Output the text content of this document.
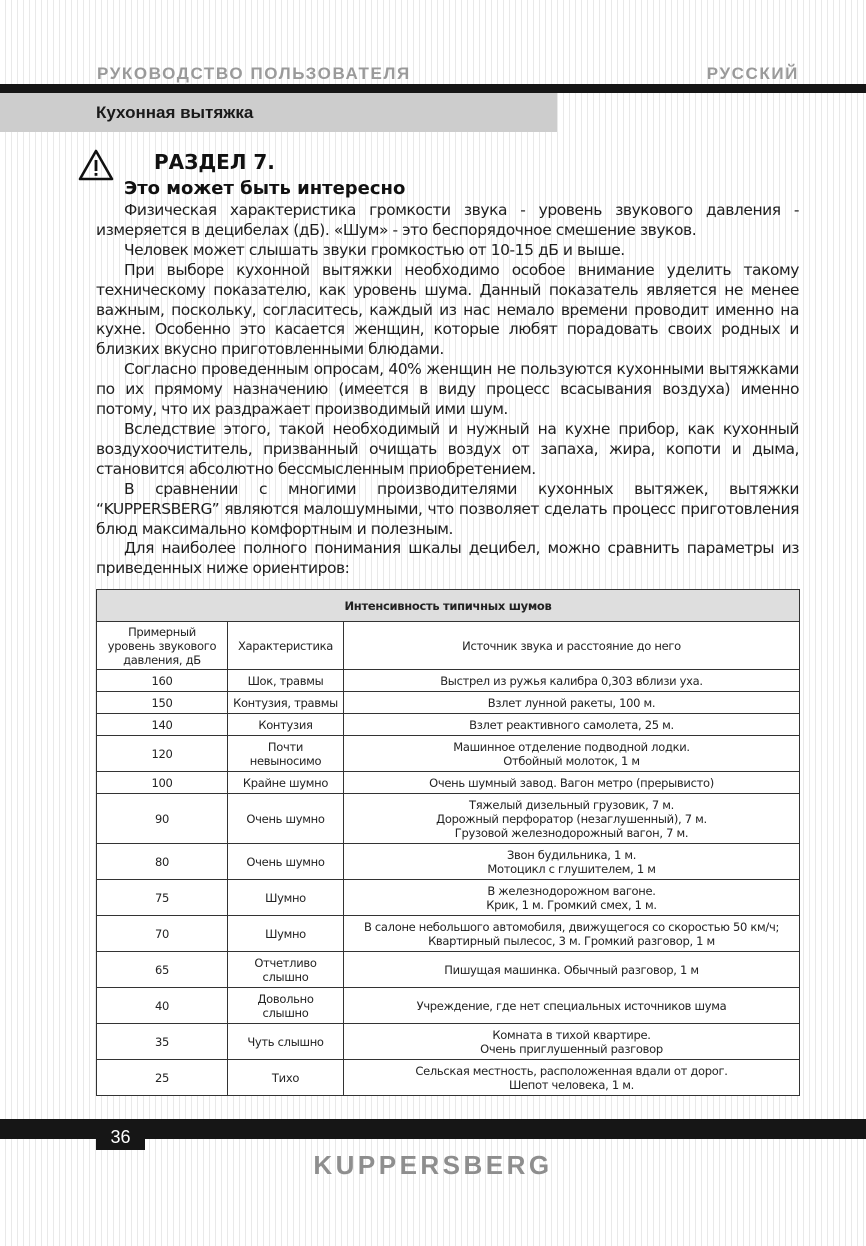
РУКОВОДСТВО ПОЛЬЗОВАТЕЛЯ	РУССКИЙ
Кухонная вытяжка
РАЗДЕЛ 7.
Это может быть интересно

Физическая характеристика громкости звука - уровень звукового давления - измеряется в децибелах (дБ). «Шум» - это беспорядочное смешение звуков.

Человек может слышать звуки громкостью от 10-15 дБ и выше.

При выборе кухонной вытяжки необходимо особое внимание уделить такому техническому показателю, как уровень шума. Данный показатель является не менее важным, поскольку, согласитесь, каждый из нас немало времени проводит именно на кухне. Особенно это касается женщин, которые любят порадовать своих родных и близких вкусно приготовленными блюдами.

Согласно проведенным опросам, 40% женщин не пользуются кухонными вытяжками по их прямому назначению (имеется в виду процесс всасывания воздуха) именно потому, что их раздражает производимый ими шум.

Вследствие этого, такой необходимый и нужный на кухне прибор, как кухонный воздухоочиститель, призванный очищать воздух от запаха, жира, копоти и дыма, становится абсолютно бессмысленным приобретением.

В сравнении с многими производителями кухонных вытяжек, вытяжки “KUPPERSBERG” являются малошумными, что позволяет сделать процесс приготовления блюд максимально комфортным и полезным.

Для наиболее полного понимания шкалы децибел, можно сравнить параметры из приведенных ниже ориентиров:

Интенсивность типичных шумов		
Примерный
уровень звукового
давления, дБ	Характеристика	Источник звука и расстояние до него
160	Шок, травмы	Выстрел из ружья калибра 0,303 вблизи уха.
150	Контузия, травмы	Взлет лунной ракеты, 100 м.
140	Контузия	Взлет реактивного самолета, 25 м.
120	Почти
невыносимо	Машинное отделение подводной лодки.
Отбойный молоток, 1 м
100	Крайне шумно	Очень шумный завод. Вагон метро (прерывисто)
90	Очень шумно	Тяжелый дизельный грузовик, 7 м.
Дорожный перфоратор (незаглушенный), 7 м.
Грузовой железнодорожный вагон, 7 м.
80	Очень шумно	Звон будильника, 1 м.
Мотоцикл с глушителем, 1 м
75	Шумно	В железнодорожном вагоне.
Крик, 1 м. Громкий смех, 1 м.
70	Шумно	В салоне небольшого автомобиля, движущегося со скоростью 50 км/ч;
Квартирный пылесос, 3 м. Громкий разговор, 1 м
65	Отчетливо
слышно	Пишущая машинка. Обычный разговор, 1 м
40	Довольно
слышно	Учреждение, где нет специальных источников шума
35	Чуть слышно	Комната в тихой квартире.
Очень приглушенный разговор
25	Тихо	Сельская местность, расположенная вдали от дорог.
Шепот человека, 1 м.
36
KUPPERSBERG
